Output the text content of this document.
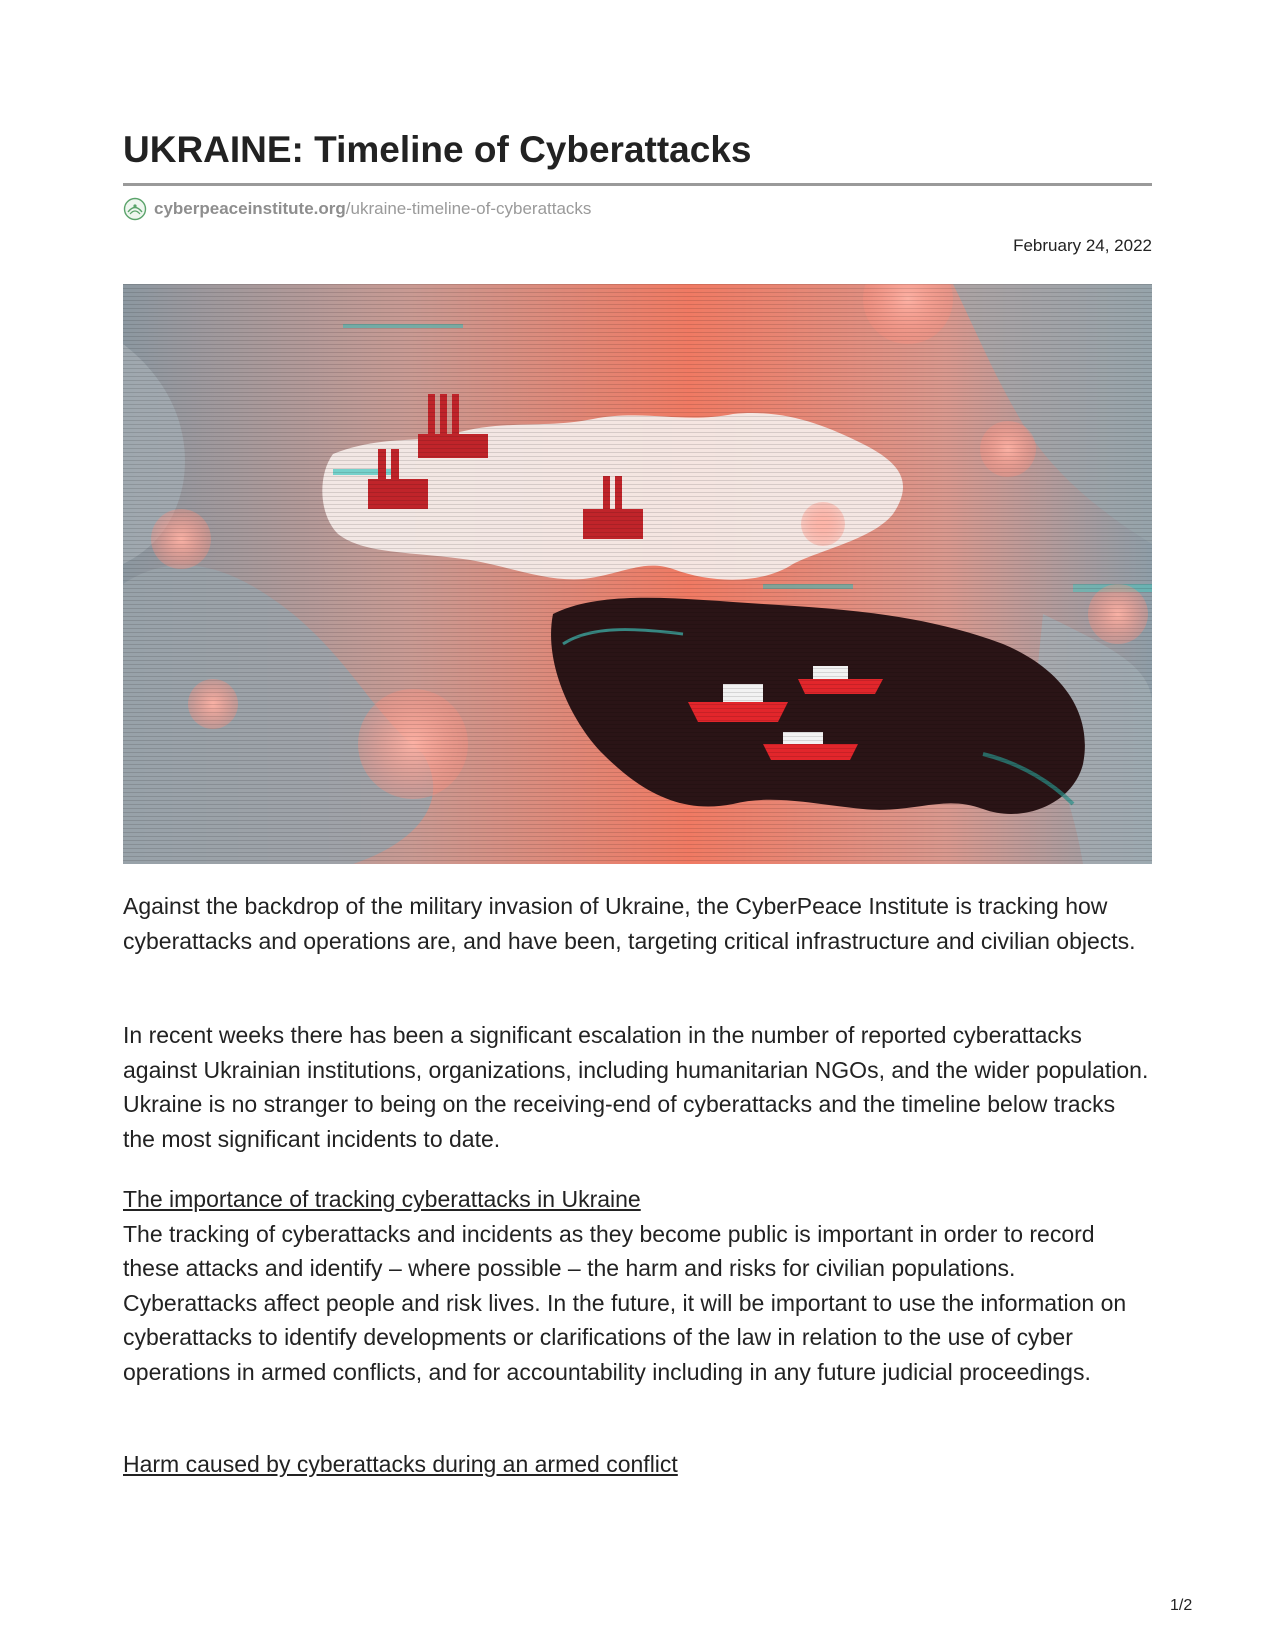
UKRAINE: Timeline of Cyberattacks
cyberpeaceinstitute.org/ukraine-timeline-of-cyberattacks
February 24, 2022

Against the backdrop of the military invasion of Ukraine, the CyberPeace Institute is tracking how cyberattacks and operations are, and have been, targeting critical infrastructure and civilian objects.

In recent weeks there has been a significant escalation in the number of reported cyberattacks against Ukrainian institutions, organizations, including humanitarian NGOs, and the wider population. Ukraine is no stranger to being on the receiving-end of cyberattacks and the timeline below tracks the most significant incidents to date.

The importance of tracking cyberattacks in Ukraine

The tracking of cyberattacks and incidents as they become public is important in order to record these attacks and identify – where possible – the harm and risks for civilian populations. Cyberattacks affect people and risk lives. In the future, it will be important to use the information on cyberattacks to identify developments or clarifications of the law in relation to the use of cyber operations in armed conflicts, and for accountability including in any future judicial proceedings.

Harm caused by cyberattacks during an armed conflict
1/2
